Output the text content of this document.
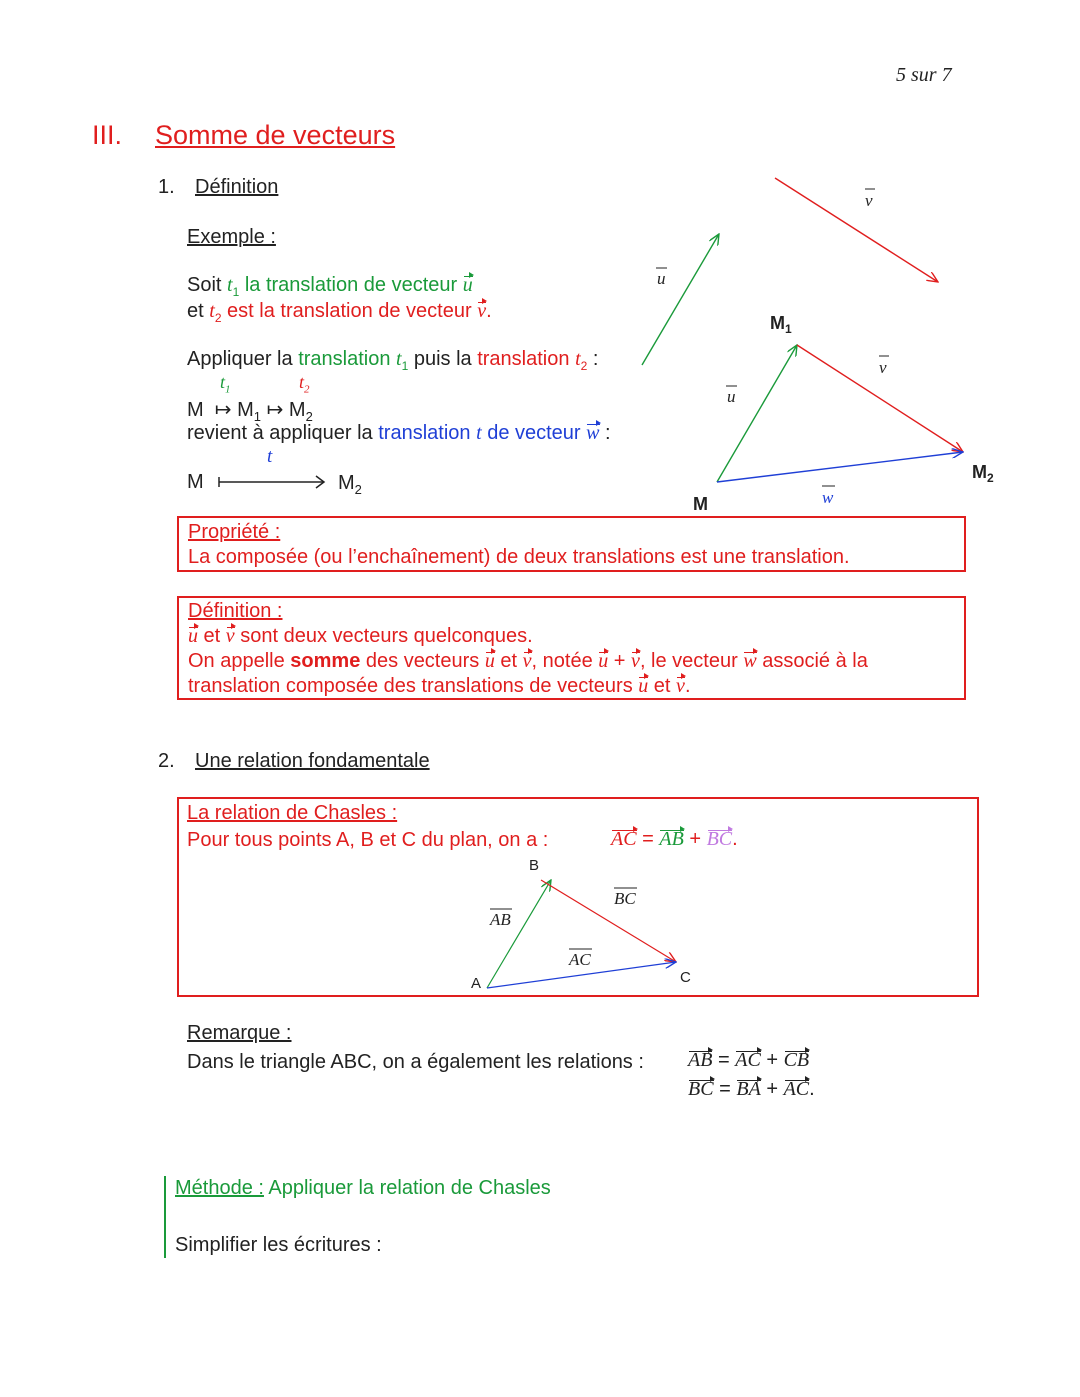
5 sur 7
III. Somme de vecteurs
1. Définition
Exemple :
Soit $t_1$ la translation de vecteur u
et $t_2$ est la translation de vecteur v.
Appliquer la translation $t_1$ puis la translation $t_2$ :
$t_1$	$t_2$
M ↦ $M_1$ ↦ $M_2$
revient à appliquer la translation t de vecteur w :
t
M	$M_2$
u
v
u
v
w
$M_1$
M
$M_2$
Propriété :
La composée (ou l’enchaînement) de deux translations est une translation.
Définition :
u et v sont deux vecteurs quelconques.
On appelle somme des vecteurs u et v, notée u + v, le vecteur w associé à la
translation composée des translations de vecteurs u et v.
2. Une relation fondamentale
La relation de Chasles :
Pour tous points A, B et C du plan, on a :	AC = AB + BC.
A
B
C
AB
BC
AC
Remarque :
Dans le triangle ABC, on a également les relations : AB = AC + CB
BC = BA + AC.
Méthode : Appliquer la relation de Chasles
Simplifier les écritures :
